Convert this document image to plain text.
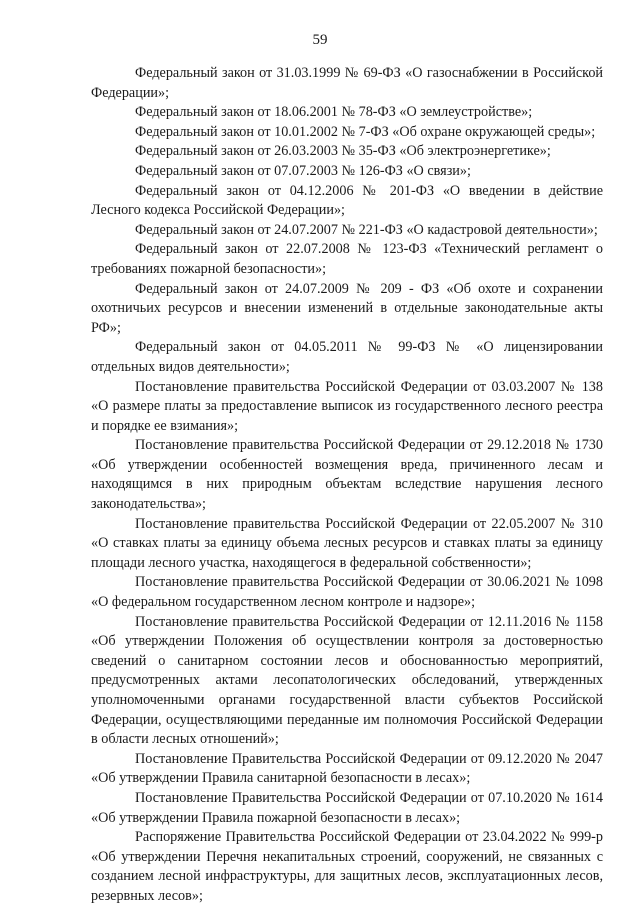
59

Федеральный закон от 31.03.1999 № 69-ФЗ «О газоснабжении в Российской Федерации»;

Федеральный закон от 18.06.2001 № 78-ФЗ «О землеустройстве»;

Федеральный закон от 10.01.2002 № 7-ФЗ «Об охране окружающей среды»;

Федеральный закон от 26.03.2003 № 35-ФЗ «Об электроэнергетике»;

Федеральный закон от 07.07.2003 № 126-ФЗ «О связи»;

Федеральный закон от 04.12.2006 № 201-ФЗ «О введении в действие Лесного кодекса Российской Федерации»;

Федеральный закон от 24.07.2007 № 221-ФЗ «О кадастровой деятельности»;

Федеральный закон от 22.07.2008 № 123-ФЗ «Технический регламент о требованиях пожарной безопасности»;

Федеральный закон от 24.07.2009 № 209 - ФЗ «Об охоте и сохранении охотничьих ресурсов и внесении изменений в отдельные законодательные акты РФ»;

Федеральный закон от 04.05.2011 № 99-ФЗ № «О лицензировании отдельных видов деятельности»;

Постановление правительства Российской Федерации от 03.03.2007 № 138 «О размере платы за предоставление выписок из государственного лесного реестра и порядке ее взимания»;

Постановление правительства Российской Федерации от 29.12.2018 № 1730 «Об утверждении особенностей возмещения вреда, причиненного лесам и находящимся в них природным объектам вследствие нарушения лесного законодательства»;

Постановление правительства Российской Федерации от 22.05.2007 № 310 «О ставках платы за единицу объема лесных ресурсов и ставках платы за единицу площади лесного участка, находящегося в федеральной собственности»;

Постановление правительства Российской Федерации от 30.06.2021 № 1098 «О федеральном государственном лесном контроле и надзоре»;

Постановление правительства Российской Федерации от 12.11.2016 № 1158 «Об утверждении Положения об осуществлении контроля за достоверностью сведений о санитарном состоянии лесов и обоснованностью мероприятий, предусмотренных актами лесопатологических обследований, утвержденных уполномоченными органами государственной власти субъектов Российской Федерации, осуществляющими переданные им полномочия Российской Федерации в области лесных отношений»;

Постановление Правительства Российской Федерации от 09.12.2020 № 2047 «Об утверждении Правила санитарной безопасности в лесах»;

Постановление Правительства Российской Федерации от 07.10.2020 № 1614 «Об утверждении Правила пожарной безопасности в лесах»;

Распоряжение Правительства Российской Федерации от 23.04.2022 № 999-р «Об утверждении Перечня некапитальных строений, сооружений, не связанных с созданием лесной инфраструктуры, для защитных лесов, эксплуатационных лесов, резервных лесов»;
